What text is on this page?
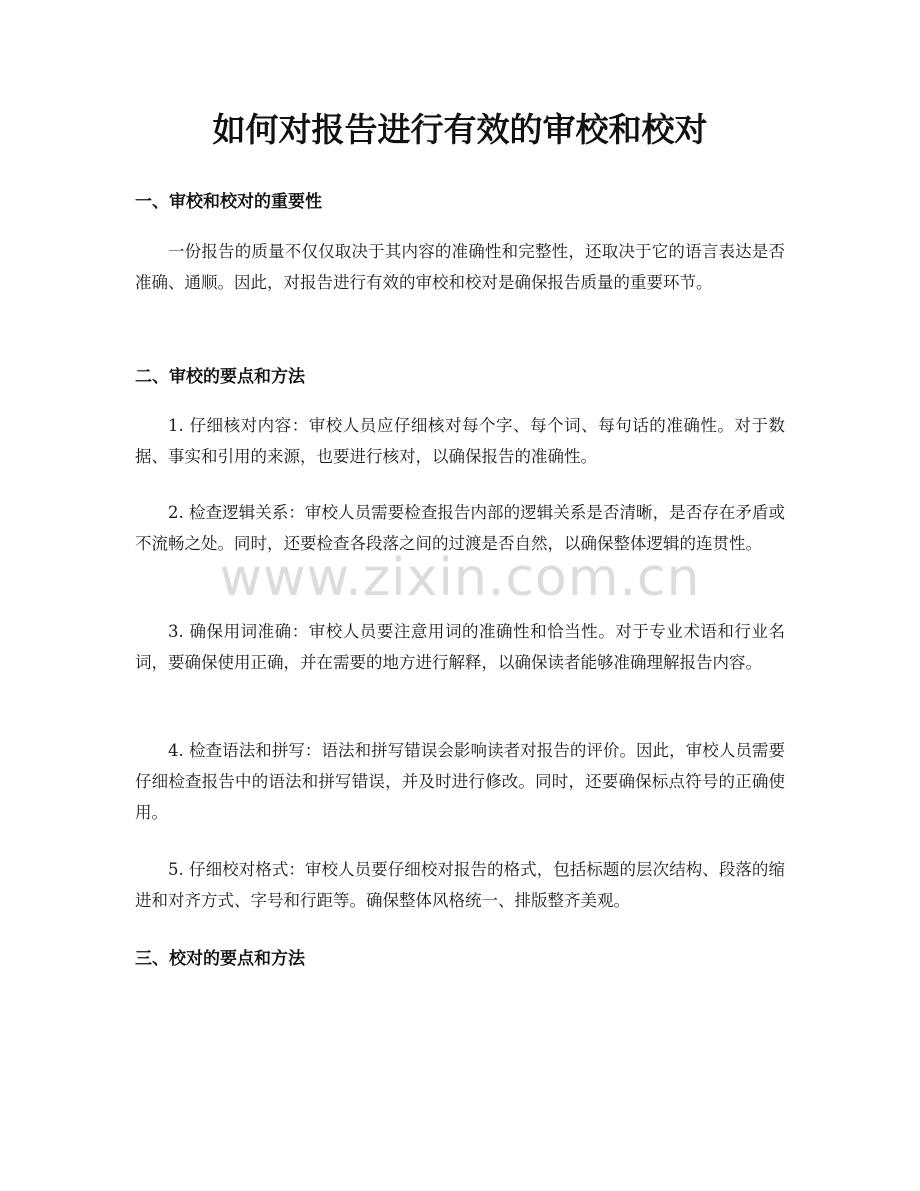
如何对报告进行有效的审校和校对
一、审校和校对的重要性

一份报告的质量不仅仅取决于其内容的准确性和完整性，还取决于它的语言表达是否准确、通顺。因此，对报告进行有效的审校和校对是确保报告质量的重要环节。

二、审校的要点和方法

1. 仔细核对内容：审校人员应仔细核对每个字、每个词、每句话的准确性。对于数据、事实和引用的来源，也要进行核对，以确保报告的准确性。

2. 检查逻辑关系：审校人员需要检查报告内部的逻辑关系是否清晰，是否存在矛盾或不流畅之处。同时，还要检查各段落之间的过渡是否自然，以确保整体逻辑的连贯性。

3. 确保用词准确：审校人员要注意用词的准确性和恰当性。对于专业术语和行业名词，要确保使用正确，并在需要的地方进行解释，以确保读者能够准确理解报告内容。

4. 检查语法和拼写：语法和拼写错误会影响读者对报告的评价。因此，审校人员需要仔细检查报告中的语法和拼写错误，并及时进行修改。同时，还要确保标点符号的正确使用。

5. 仔细校对格式：审校人员要仔细校对报告的格式，包括标题的层次结构、段落的缩进和对齐方式、字号和行距等。确保整体风格统一、排版整齐美观。

三、校对的要点和方法
www.zixin.com.cn
